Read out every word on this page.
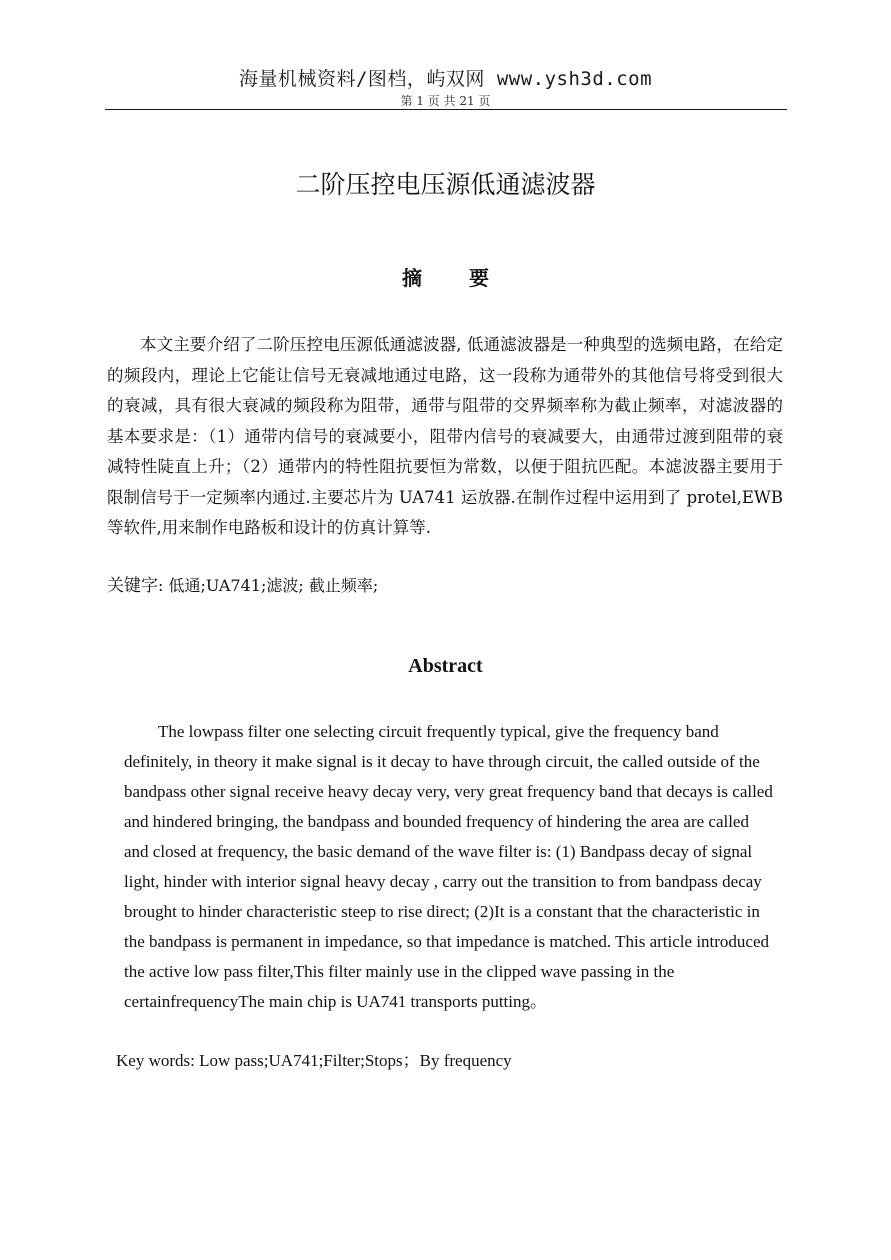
海量机械资料/图档，屿双网 www.ysh3d.com
第 1 页 共 21 页
二阶压控电压源低通滤波器
摘 要

本文主要介绍了二阶压控电压源低通滤波器, 低通滤波器是一种典型的选频电路，在给定的频段内，理论上它能让信号无衰减地通过电路，这一段称为通带外的其他信号将受到很大的衰减，具有很大衰减的频段称为阻带，通带与阻带的交界频率称为截止频率，对滤波器的基本要求是：（1）通带内信号的衰减要小，阻带内信号的衰减要大，由通带过渡到阻带的衰减特性陡直上升；（2）通带内的特性阻抗要恒为常数，以便于阻抗匹配。本滤波器主要用于限制信号于一定频率内通过.主要芯片为 UA741 运放器.在制作过程中运用到了 protel,EWB 等软件,用来制作电路板和设计的仿真计算等.

关键字: 低通;UA741;滤波; 截止频率;
Abstract

The lowpass filter one selecting circuit frequently typical, give the frequency band definitely, in theory it make signal is it decay to have through circuit, the called outside of the bandpass other signal receive heavy decay very, very great frequency band that decays is called and hindered bringing, the bandpass and bounded frequency of hindering the area are called and closed at frequency, the basic demand of the wave filter is: (1) Bandpass decay of signal light, hinder with interior signal heavy decay , carry out the transition to from bandpass decay brought to hinder characteristic steep to rise direct; (2)It is a constant that the characteristic in the bandpass is permanent in impedance, so that impedance is matched. This article introduced the active low pass filter,This filter mainly use in the clipped wave passing in the certainfrequencyThe main chip is UA741 transports putting。

Key words: Low pass;UA741;Filter;Stops；By frequency
